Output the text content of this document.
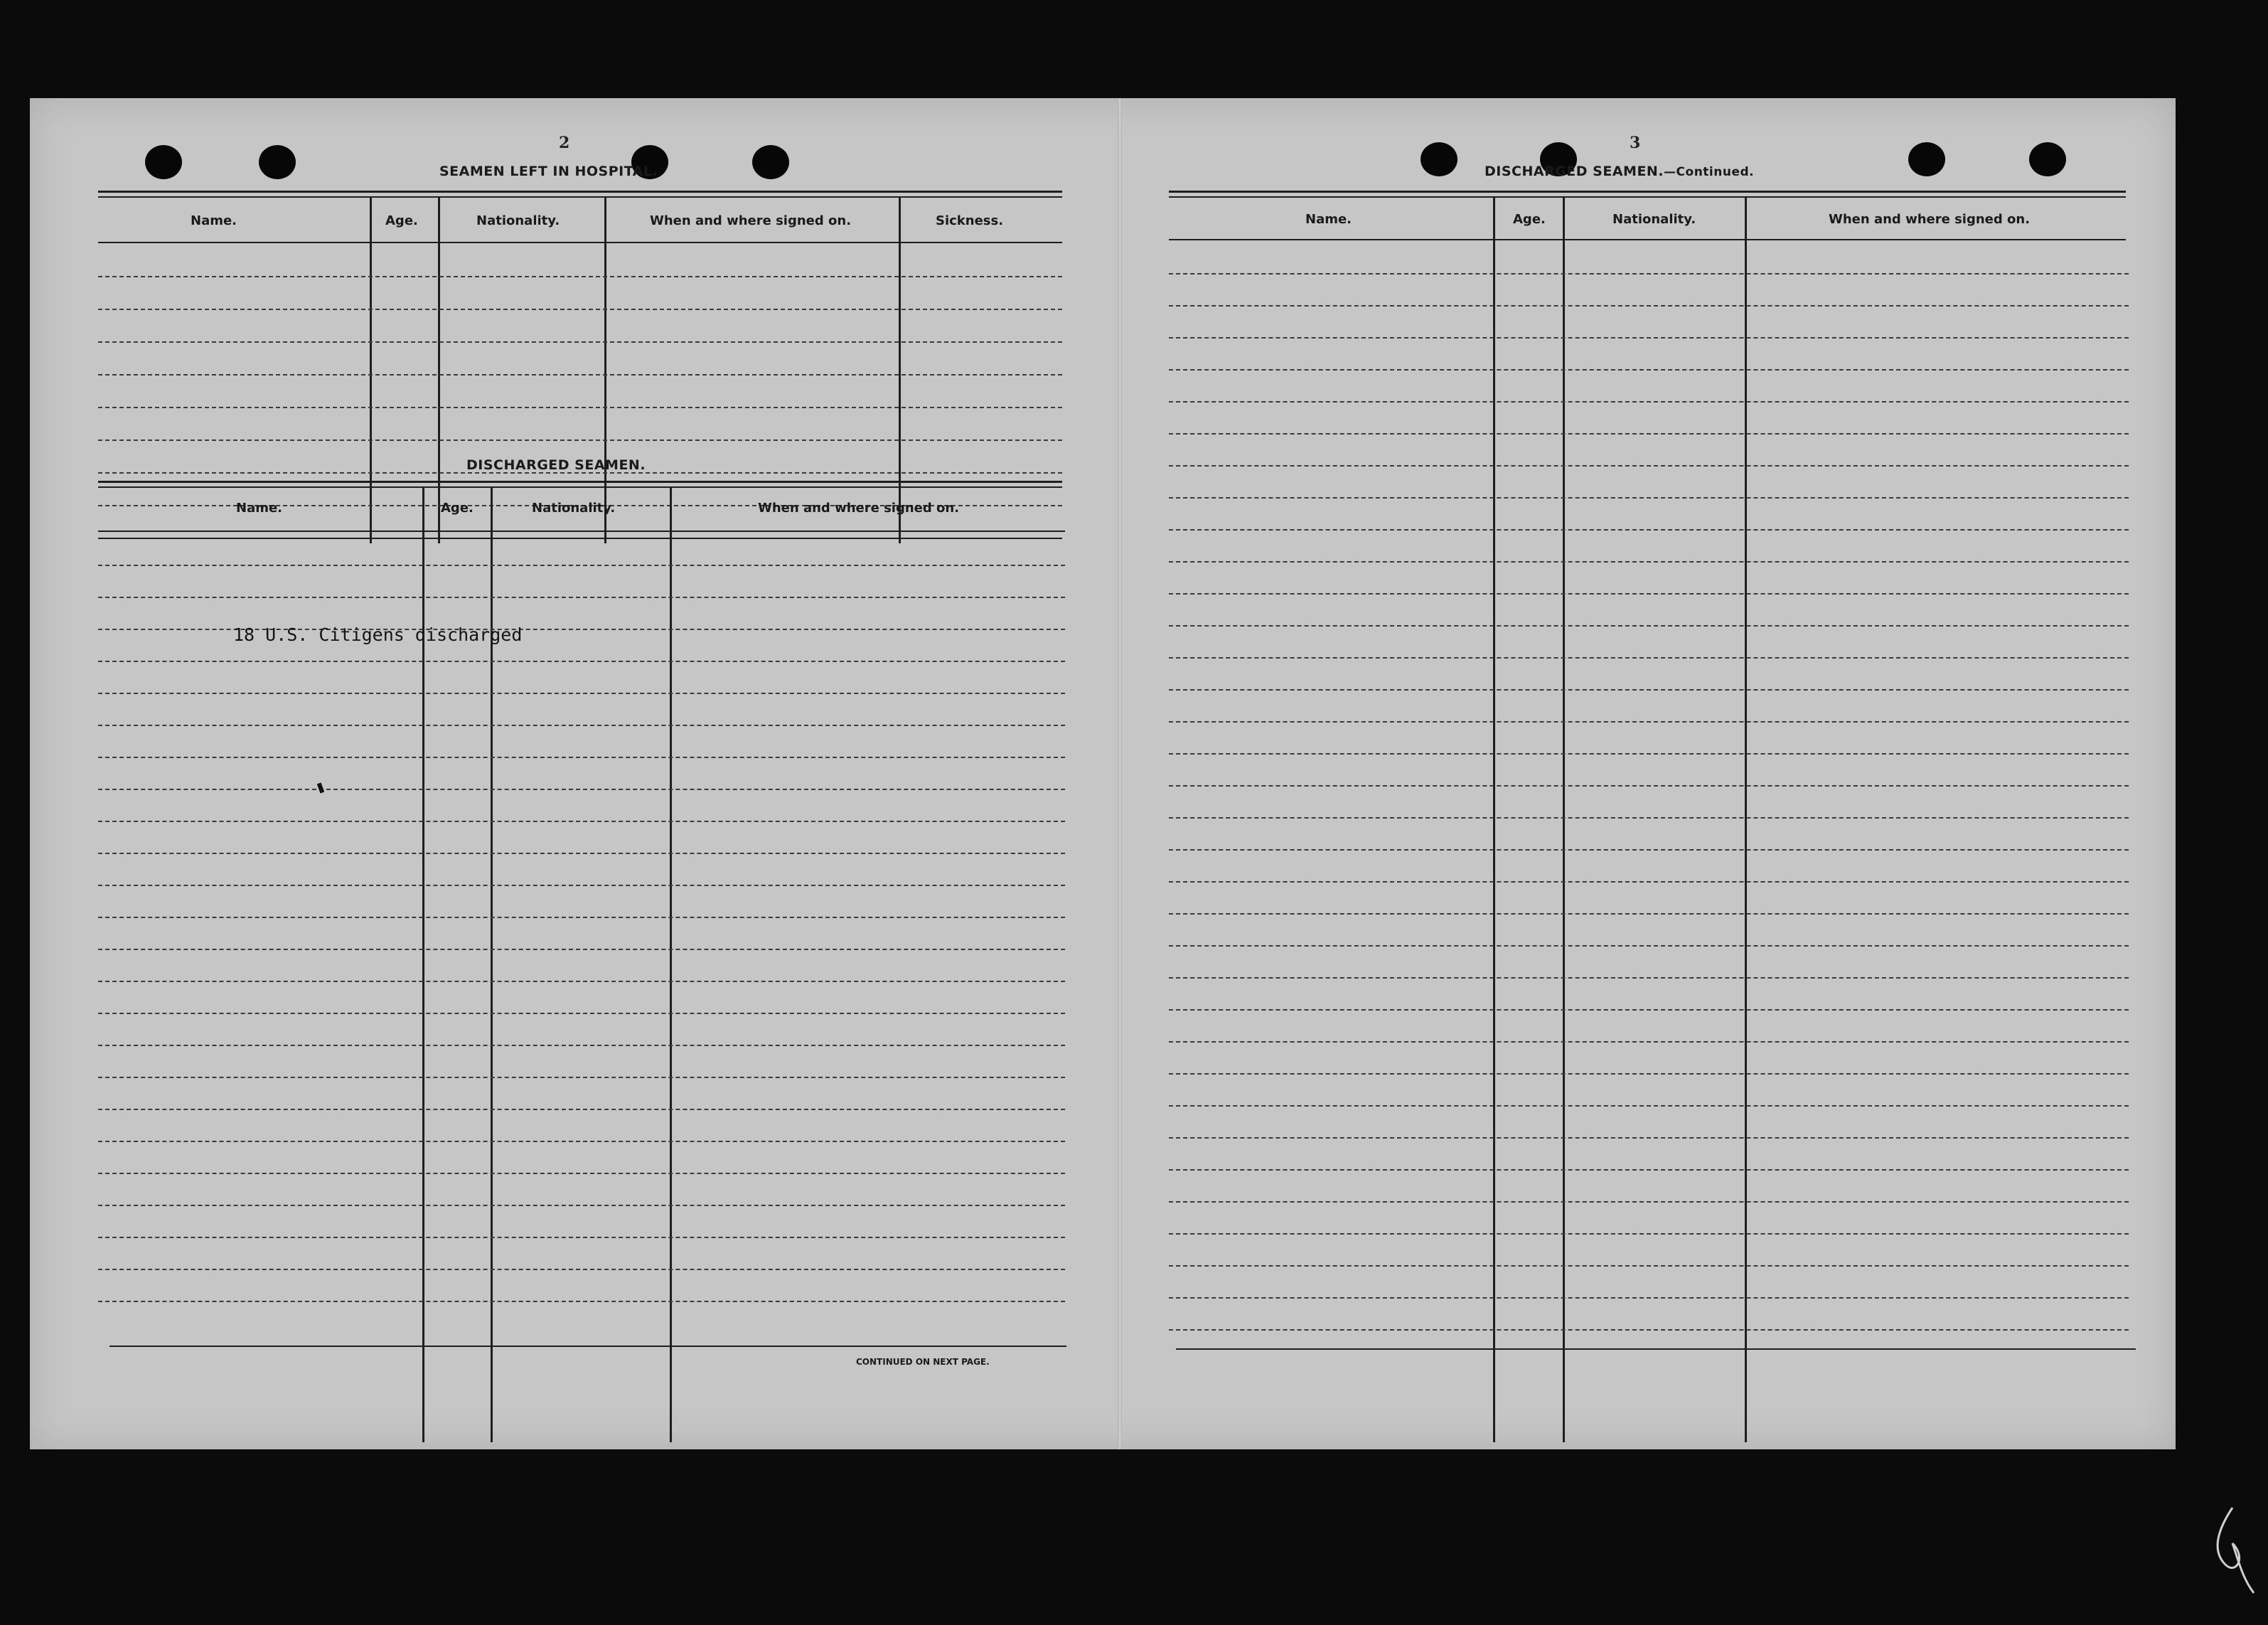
2
SEAMEN LEFT IN HOSPITAL.
Name.	Age.	Nationality.	When and where signed on.	Sickness.
DISCHARGED SEAMEN.
Name.	Age.	Nationality.	When and where signed on.
18 U.S. Citigens discharged
CONTINUED ON NEXT PAGE.
3
DISCHARGED SEAMEN.—Continued.
Name.	Age.	Nationality.	When and where signed on.
